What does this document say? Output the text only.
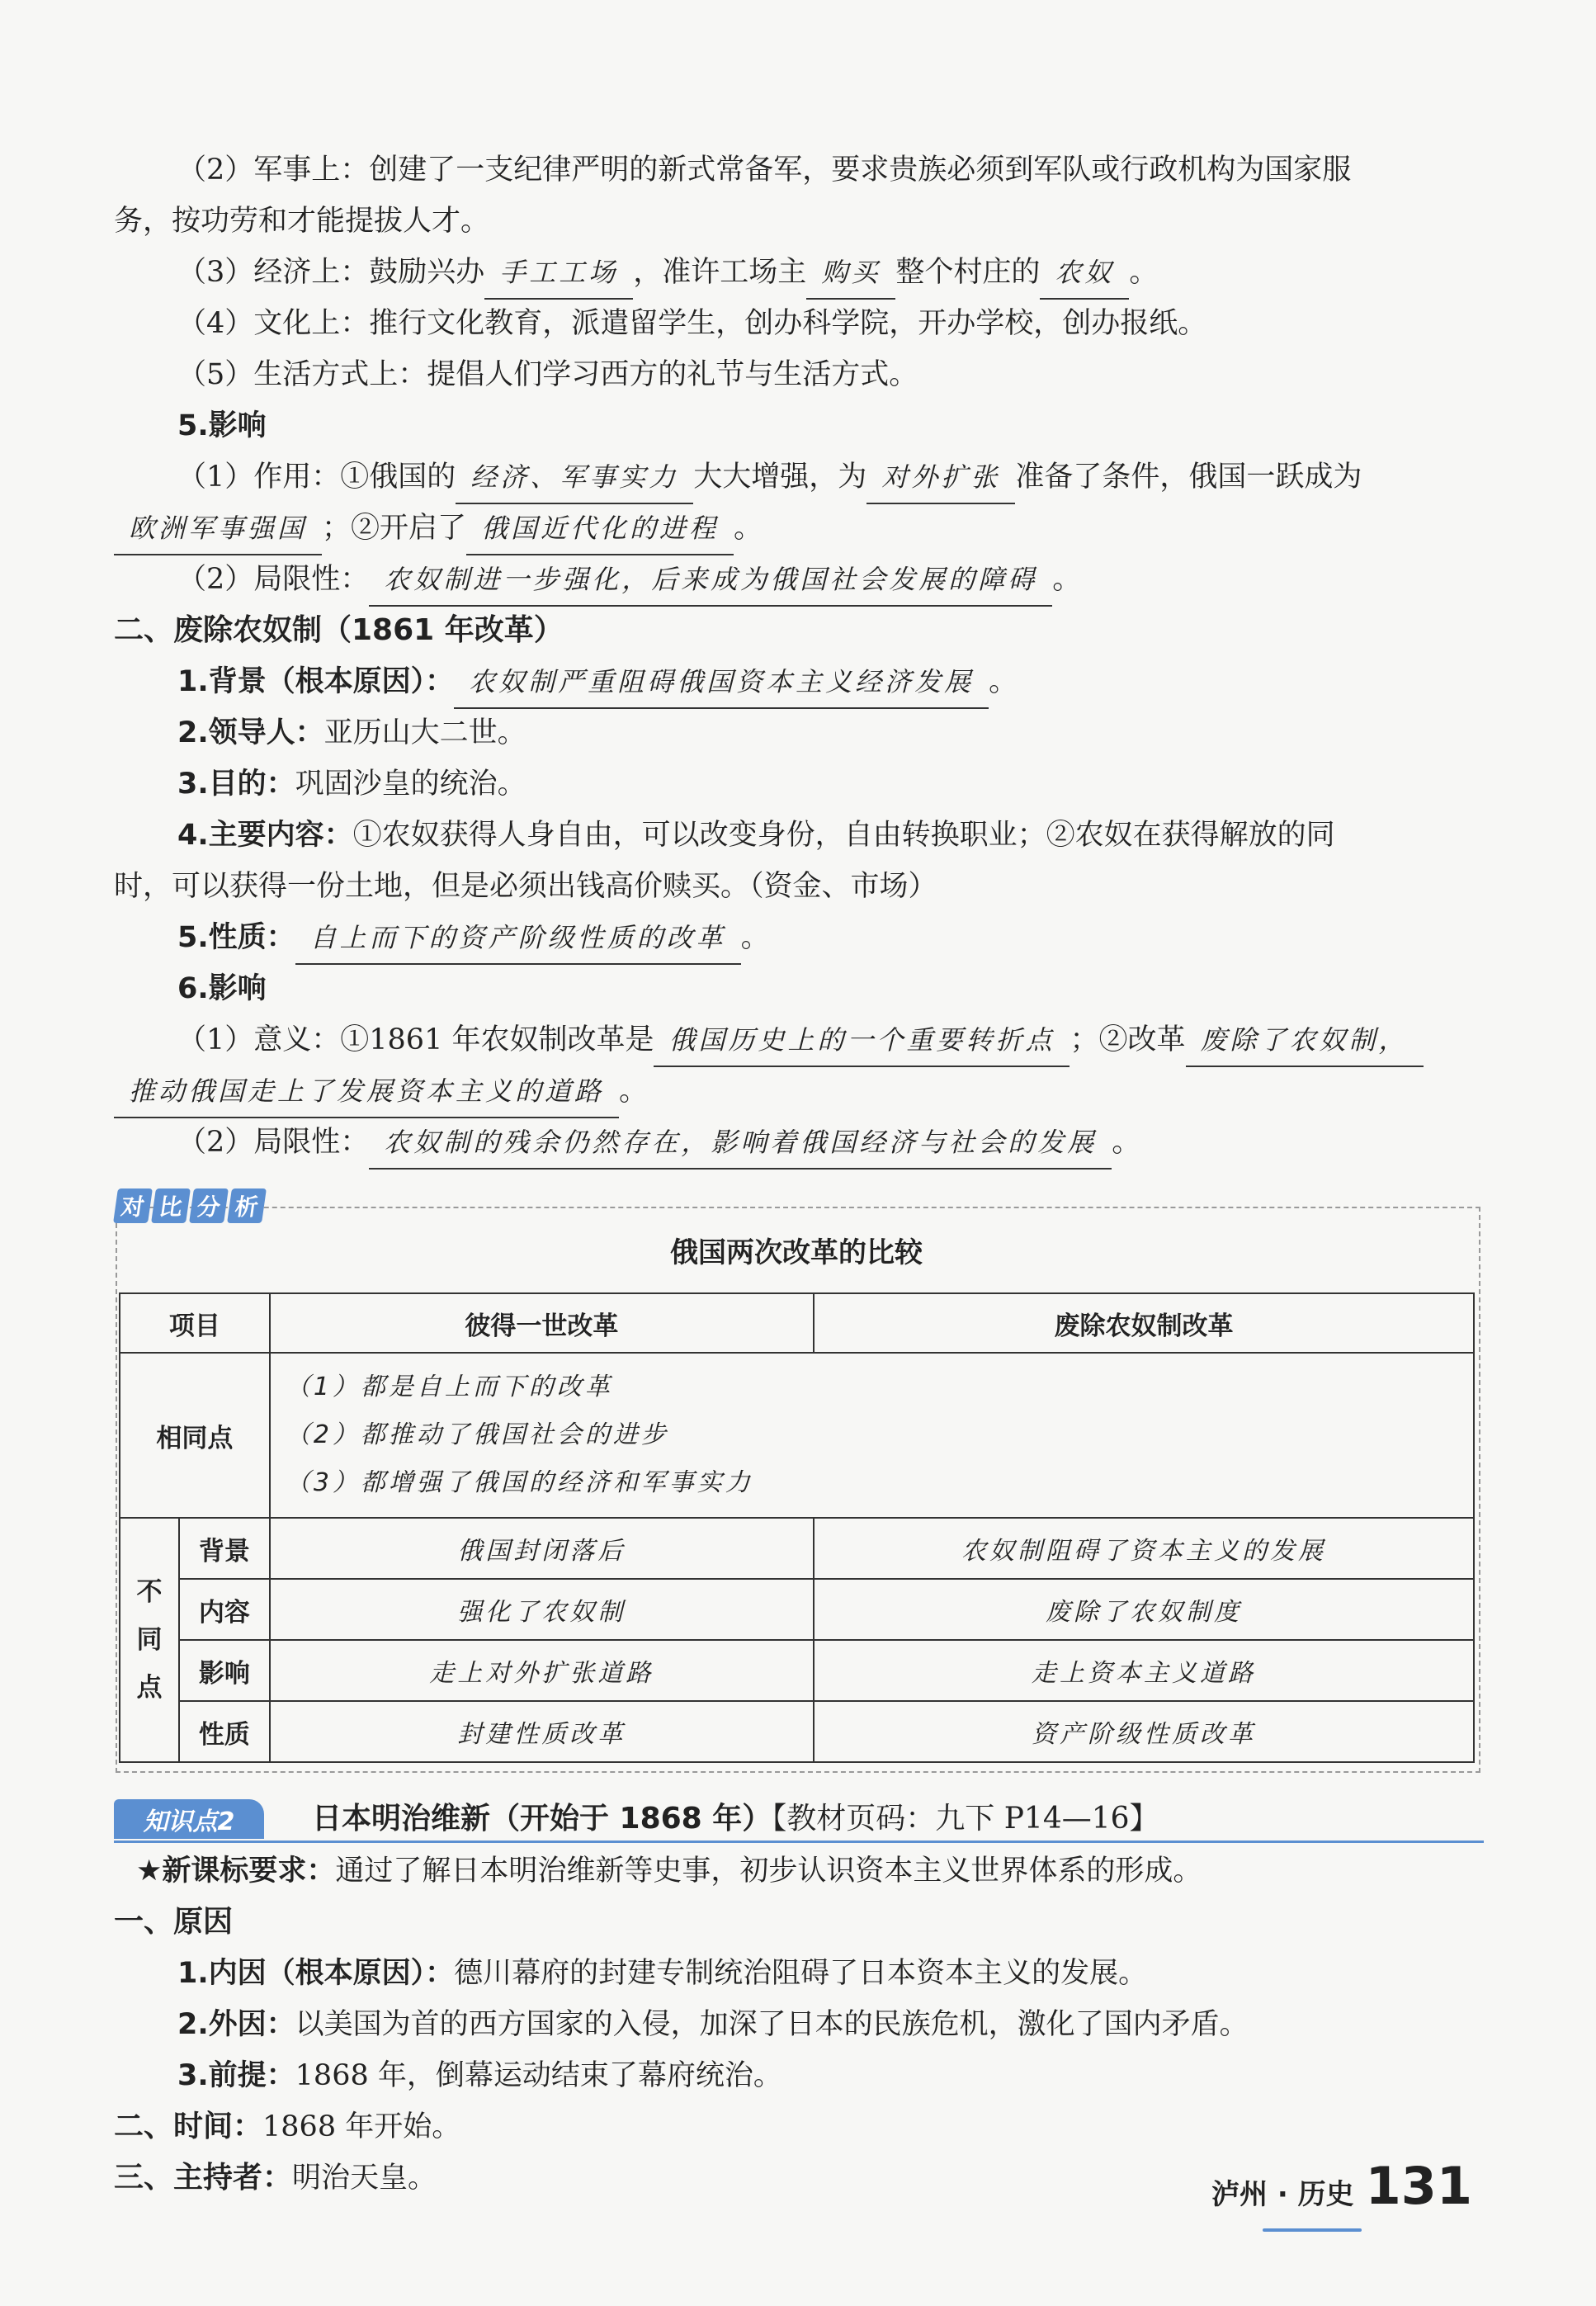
（2）军事上：创建了一支纪律严明的新式常备军，要求贵族必须到军队或行政机构为国家服
务，按功劳和才能提拔人才。
（3）经济上：鼓励兴办 手工工场 ，准许工场主 购买 整个村庄的 农奴 。
（4）文化上：推行文化教育，派遣留学生，创办科学院，开办学校，创办报纸。
（5）生活方式上：提倡人们学习西方的礼节与生活方式。
5.影响
（1）作用：①俄国的 经济、军事实力 大大增强，为 对外扩张 准备了条件，俄国一跃成为
欧洲军事强国 ；②开启了 俄国近代化的进程 。
（2）局限性： 农奴制进一步强化，后来成为俄国社会发展的障碍 。
二、废除农奴制（1861 年改革）
1.背景（根本原因）： 农奴制严重阻碍俄国资本主义经济发展 。
2.领导人：亚历山大二世。
3.目的：巩固沙皇的统治。
4.主要内容：①农奴获得人身自由，可以改变身份，自由转换职业；②农奴在获得解放的同
时，可以获得一份土地，但是必须出钱高价赎买。（资金、市场）
5.性质： 自上而下的资产阶级性质的改革 。
6.影响
（1）意义：①1861 年农奴制改革是 俄国历史上的一个重要转折点 ；②改革 废除了农奴制，
推动俄国走上了发展资本主义的道路 。
（2）局限性： 农奴制的残余仍然存在，影响着俄国经济与社会的发展 。
对 比 分 析
俄国两次改革的比较
项目		彼得一世改革	废除农奴制改革
相同点		（1）都是自上而下的改革
（2）都推动了俄国社会的进步
（3）都增强了俄国的经济和军事实力	

不
同
点	背景	俄国封闭落后	农奴制阻碍了资本主义的发展
	内容	强化了农奴制	废除了农奴制度
	影响	走上对外扩张道路	走上资本主义道路
	性质	封建性质改革	资产阶级性质改革
知识点2	日本明治维新（开始于 1868 年）【教材页码：九下 P14—16】
★新课标要求：通过了解日本明治维新等史事，初步认识资本主义世界体系的形成。
一、原因
1.内因（根本原因）：德川幕府的封建专制统治阻碍了日本资本主义的发展。
2.外因：以美国为首的西方国家的入侵，加深了日本的民族危机，激化了国内矛盾。
3.前提：1868 年，倒幕运动结束了幕府统治。
二、时间：1868 年开始。
三、主持者：明治天皇。	泸州 · 历史 131
